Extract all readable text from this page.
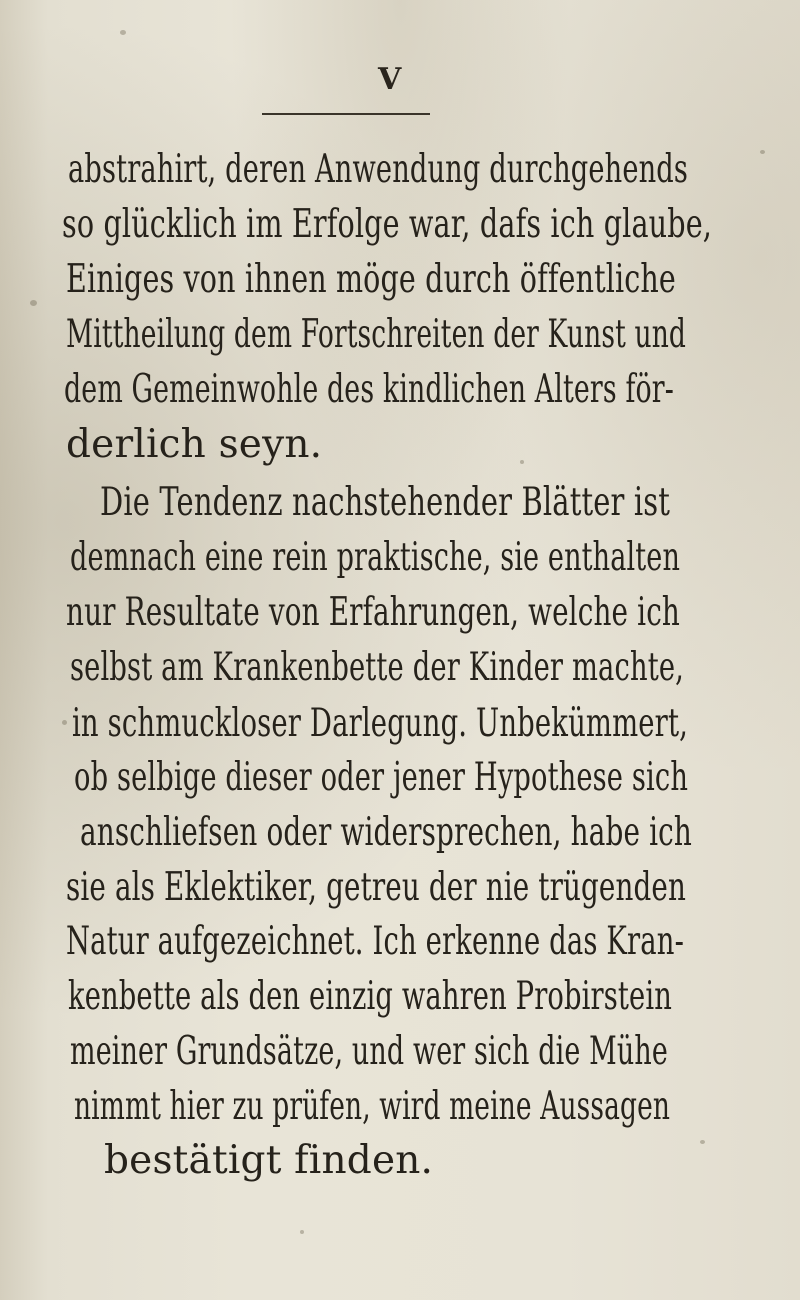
V
abstrahirt, deren Anwendung durchgehends
so glücklich im Erfolge war, dafs ich glaube,
Einiges von ihnen möge durch öffentliche
Mittheilung dem Fortschreiten der Kunst und
dem Gemeinwohle des kindlichen Alters för-
derlich seyn.
Die Tendenz nachstehender Blätter ist
demnach eine rein praktische, sie enthalten
nur Resultate von Erfahrungen, welche ich
selbst am Krankenbette der Kinder machte,
in schmuckloser Darlegung. Unbekümmert,
ob selbige dieser oder jener Hypothese sich
anschliefsen oder widersprechen, habe ich
sie als Eklektiker, getreu der nie trügenden
Natur aufgezeichnet. Ich erkenne das Kran-
kenbette als den einzig wahren Probirstein
meiner Grundsätze, und wer sich die Mühe
nimmt hier zu prüfen, wird meine Aussagen
bestätigt finden.
